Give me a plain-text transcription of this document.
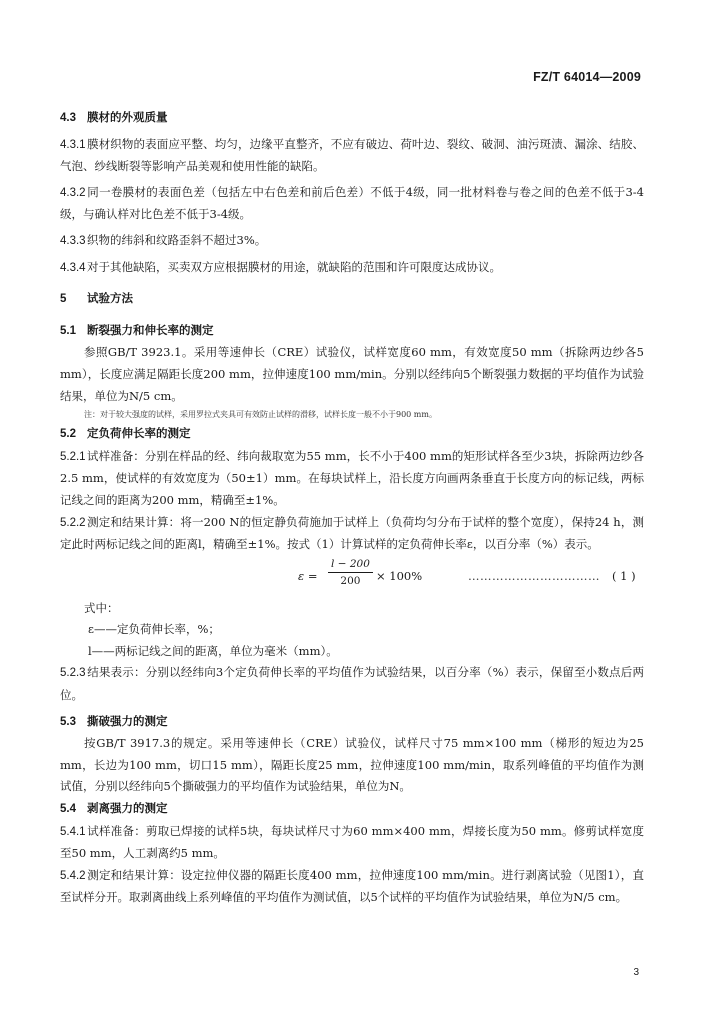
FZ/T 64014—2009

4.3 膜材的外观质量

4.3.1膜材织物的表面应平整、均匀，边缘平直整齐，不应有破边、荷叶边、裂纹、破洞、油污斑渍、漏涂、结胶、气泡、纱线断裂等影响产品美观和使用性能的缺陷。

4.3.2同一卷膜材的表面色差（包括左中右色差和前后色差）不低于4级，同一批材料卷与卷之间的色差不低于3-4级，与确认样对比色差不低于3-4级。

4.3.3织物的纬斜和纹路歪斜不超过3%。

4.3.4对于其他缺陷，买卖双方应根据膜材的用途，就缺陷的范围和许可限度达成协议。

5 试验方法

5.1 断裂强力和伸长率的测定

参照GB/T 3923.1。采用等速伸长（CRE）试验仪，试样宽度60 mm，有效宽度50 mm（拆除两边纱各5 mm），长度应满足隔距长度200 mm，拉伸速度100 mm/min。分别以经纬向5个断裂强力数据的平均值作为试验结果，单位为N/5 cm。

注：对于较大强度的试样，采用罗拉式夹具可有效防止试样的滑移，试样长度一般不小于900 mm。

5.2 定负荷伸长率的测定

5.2.1试样准备：分别在样品的经、纬向裁取宽为55 mm，长不小于400 mm的矩形试样各至少3块，拆除两边纱各2.5 mm，使试样的有效宽度为（50±1）mm。在每块试样上，沿长度方向画两条垂直于长度方向的标记线，两标记线之间的距离为200 mm，精确至±1%。

5.2.2测定和结果计算：将一200 N的恒定静负荷施加于试样上（负荷均匀分布于试样的整个宽度），保持24 h，测定此时两标记线之间的距离l，精确至±1%。按式（1）计算试样的定负荷伸长率ε，以百分率（%）表示。

$\varepsilon = \frac{l - 200}{200} \times 100\%$	…………………………… ( 1 )

式中：

ε——定负荷伸长率，%；

l——两标记线之间的距离，单位为毫米（mm）。

5.2.3结果表示：分别以经纬向3个定负荷伸长率的平均值作为试验结果，以百分率（%）表示，保留至小数点后两位。

5.3 撕破强力的测定

按GB/T 3917.3的规定。采用等速伸长（CRE）试验仪，试样尺寸75 mm×100 mm（梯形的短边为25 mm，长边为100 mm，切口15 mm），隔距长度25 mm，拉伸速度100 mm/min，取系列峰值的平均值作为测试值，分别以经纬向5个撕破强力的平均值作为试验结果，单位为N。

5.4 剥离强力的测定

5.4.1试样准备：剪取已焊接的试样5块，每块试样尺寸为60 mm×400 mm，焊接长度为50 mm。修剪试样宽度至50 mm，人工剥离约5 mm。

5.4.2测定和结果计算：设定拉伸仪器的隔距长度400 mm，拉伸速度100 mm/min。进行剥离试验（见图1），直至试样分开。取剥离曲线上系列峰值的平均值作为测试值，以5个试样的平均值作为试验结果，单位为N/5 cm。

3
